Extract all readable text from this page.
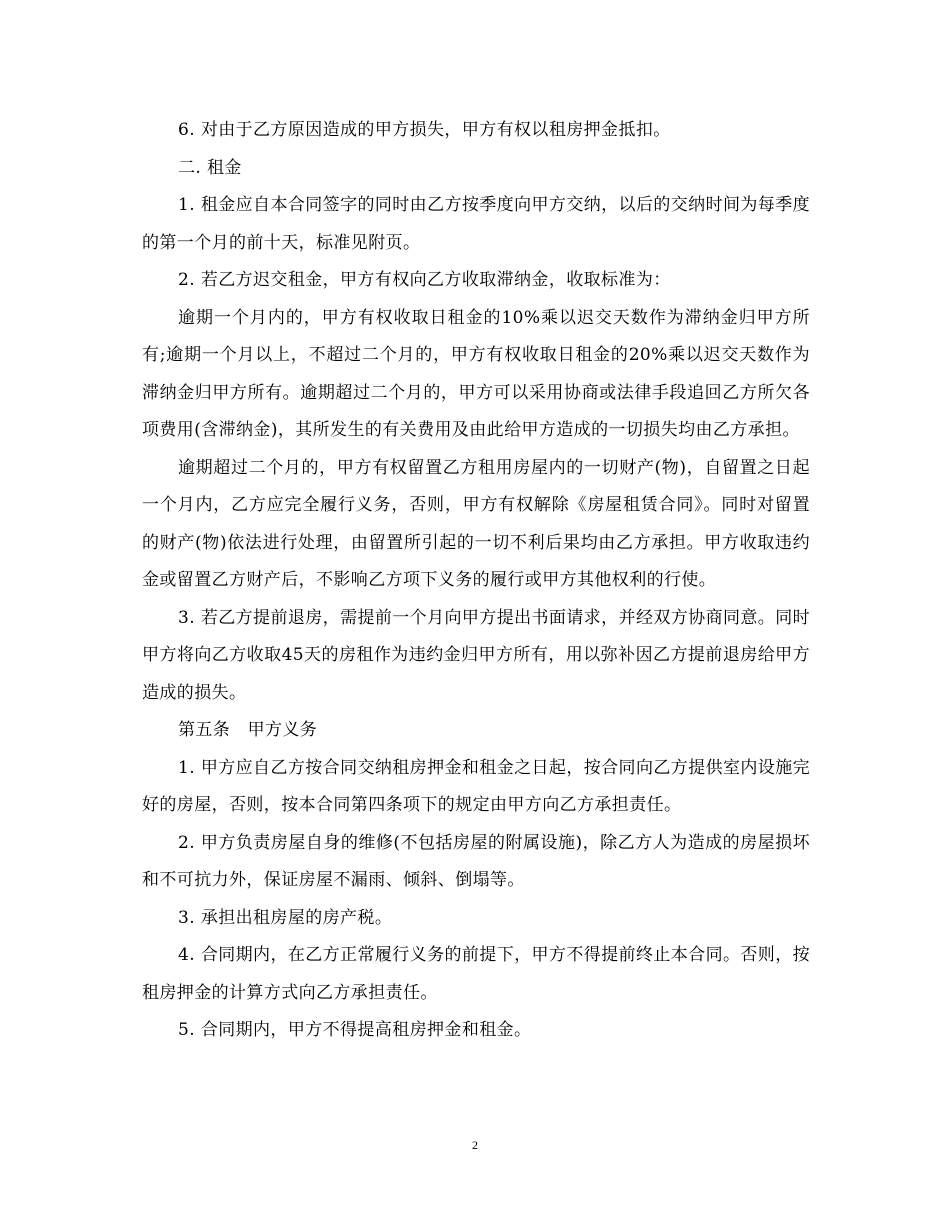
6. 对由于乙方原因造成的甲方损失，甲方有权以租房押金抵扣。

二. 租金

1. 租金应自本合同签字的同时由乙方按季度向甲方交纳，以后的交纳时间为每季度的第一个月的前十天，标准见附页。

2. 若乙方迟交租金，甲方有权向乙方收取滞纳金，收取标准为：

逾期一个月内的，甲方有权收取日租金的10%乘以迟交天数作为滞纳金归甲方所有;逾期一个月以上，不超过二个月的，甲方有权收取日租金的20%乘以迟交天数作为滞纳金归甲方所有。逾期超过二个月的，甲方可以采用协商或法律手段追回乙方所欠各项费用(含滞纳金)，其所发生的有关费用及由此给甲方造成的一切损失均由乙方承担。

逾期超过二个月的，甲方有权留置乙方租用房屋内的一切财产(物)，自留置之日起一个月内，乙方应完全履行义务，否则，甲方有权解除《房屋租赁合同》。同时对留置的财产(物)依法进行处理，由留置所引起的一切不利后果均由乙方承担。甲方收取违约金或留置乙方财产后，不影响乙方项下义务的履行或甲方其他权利的行使。

3. 若乙方提前退房，需提前一个月向甲方提出书面请求，并经双方协商同意。同时甲方将向乙方收取45天的房租作为违约金归甲方所有，用以弥补因乙方提前退房给甲方造成的损失。

第五条　甲方义务

1. 甲方应自乙方按合同交纳租房押金和租金之日起，按合同向乙方提供室内设施完好的房屋，否则，按本合同第四条项下的规定由甲方向乙方承担责任。

2. 甲方负责房屋自身的维修(不包括房屋的附属设施)，除乙方人为造成的房屋损坏和不可抗力外，保证房屋不漏雨、倾斜、倒塌等。

3. 承担出租房屋的房产税。

4. 合同期内，在乙方正常履行义务的前提下，甲方不得提前终止本合同。否则，按租房押金的计算方式向乙方承担责任。

5. 合同期内，甲方不得提高租房押金和租金。

2
